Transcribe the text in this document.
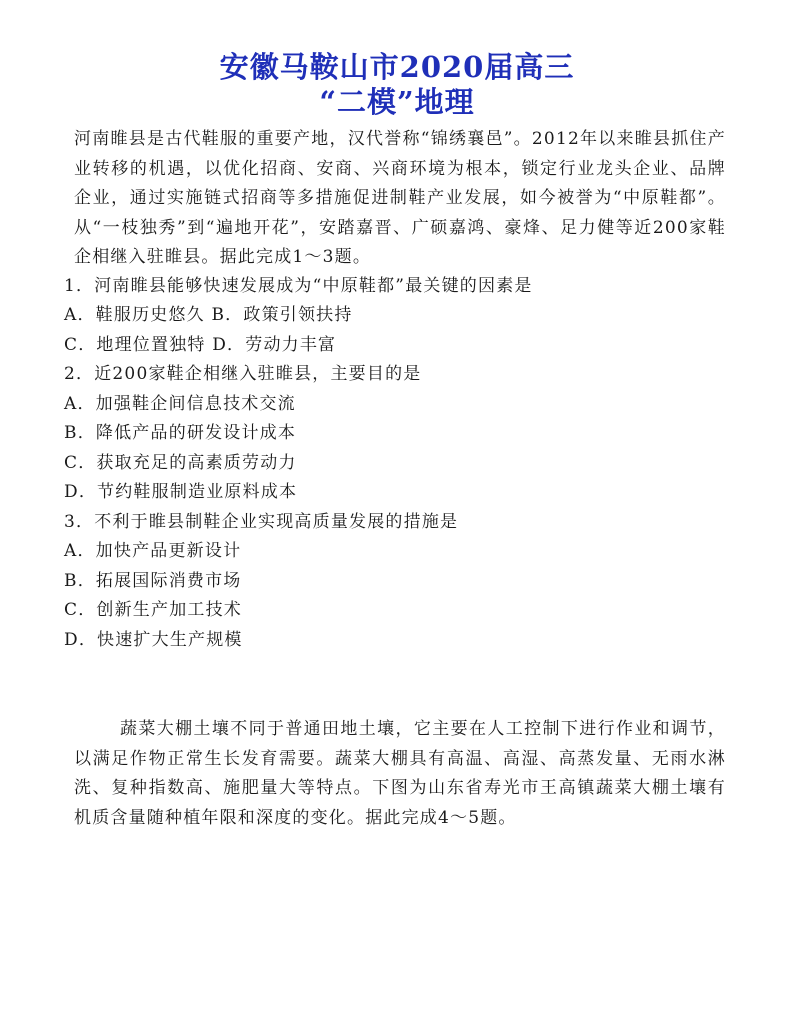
安徽马鞍山市2020届高三
“二模”地理
河南睢县是古代鞋服的重要产地，汉代誉称“锦绣襄邑”。2012年以来睢县抓住产业转移的机遇，以优化招商、安商、兴商环境为根本，锁定行业龙头企业、品牌企业，通过实施链式招商等多措施促进制鞋产业发展，如今被誉为“中原鞋都”。从“一枝独秀”到“遍地开花”，安踏嘉晋、广硕嘉鸿、豪烽、足力健等近200家鞋企相继入驻睢县。据此完成1～3题。
1．河南睢县能够快速发展成为“中原鞋都”最关键的因素是
A．鞋服历史悠久 B．政策引领扶持
C．地理位置独特 D．劳动力丰富
2．近200家鞋企相继入驻睢县，主要目的是
A．加强鞋企间信息技术交流
B．降低产品的研发设计成本
C．获取充足的高素质劳动力
D．节约鞋服制造业原料成本
3．不利于睢县制鞋企业实现高质量发展的措施是
A．加快产品更新设计
B．拓展国际消费市场
C．创新生产加工技术
D．快速扩大生产规模
蔬菜大棚土壤不同于普通田地土壤，它主要在人工控制下进行作业和调节，以满足作物正常生长发育需要。蔬菜大棚具有高温、高湿、高蒸发量、无雨水淋洗、复种指数高、施肥量大等特点。下图为山东省寿光市王高镇蔬菜大棚土壤有机质含量随种植年限和深度的变化。据此完成4～5题。
